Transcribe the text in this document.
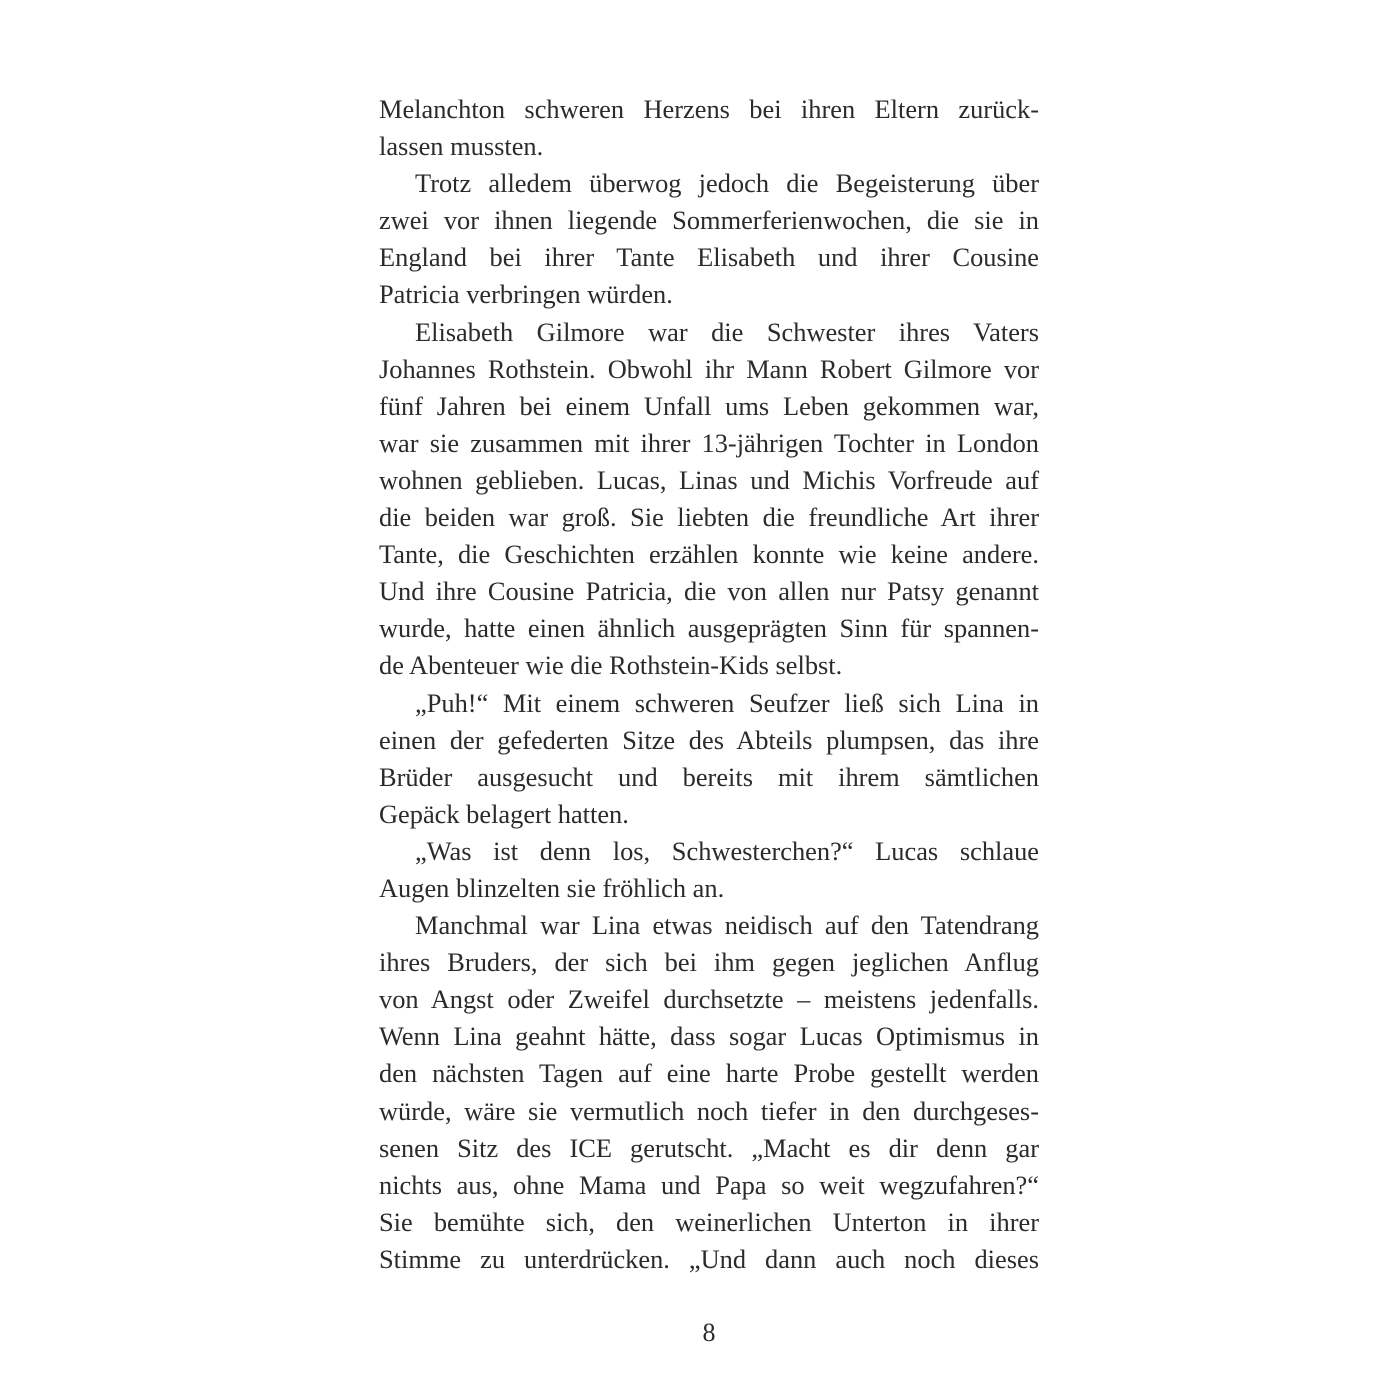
Melanchton schweren Herzens bei ihren Eltern zurück-
lassen mussten.
Trotz alledem überwog jedoch die Begeisterung über
zwei vor ihnen liegende Sommerferienwochen, die sie in
England bei ihrer Tante Elisabeth und ihrer Cousine
Patricia verbringen würden.
Elisabeth Gilmore war die Schwester ihres Vaters
Johannes Rothstein. Obwohl ihr Mann Robert Gilmore vor
fünf Jahren bei einem Unfall ums Leben gekommen war,
war sie zusammen mit ihrer 13-jährigen Tochter in London
wohnen geblieben. Lucas, Linas und Michis Vorfreude auf
die beiden war groß. Sie liebten die freundliche Art ihrer
Tante, die Geschichten erzählen konnte wie keine andere.
Und ihre Cousine Patricia, die von allen nur Patsy genannt
wurde, hatte einen ähnlich ausgeprägten Sinn für spannen-
de Abenteuer wie die Rothstein-Kids selbst.
„Puh!“ Mit einem schweren Seufzer ließ sich Lina in
einen der gefederten Sitze des Abteils plumpsen, das ihre
Brüder ausgesucht und bereits mit ihrem sämtlichen
Gepäck belagert hatten.
„Was ist denn los, Schwesterchen?“ Lucas schlaue
Augen blinzelten sie fröhlich an.
Manchmal war Lina etwas neidisch auf den Tatendrang
ihres Bruders, der sich bei ihm gegen jeglichen Anflug
von Angst oder Zweifel durchsetzte – meistens jedenfalls.
Wenn Lina geahnt hätte, dass sogar Lucas Optimismus in
den nächsten Tagen auf eine harte Probe gestellt werden
würde, wäre sie vermutlich noch tiefer in den durchgeses-
senen Sitz des ICE gerutscht. „Macht es dir denn gar
nichts aus, ohne Mama und Papa so weit wegzufahren?“
Sie bemühte sich, den weinerlichen Unterton in ihrer
Stimme zu unterdrücken. „Und dann auch noch dieses
8
